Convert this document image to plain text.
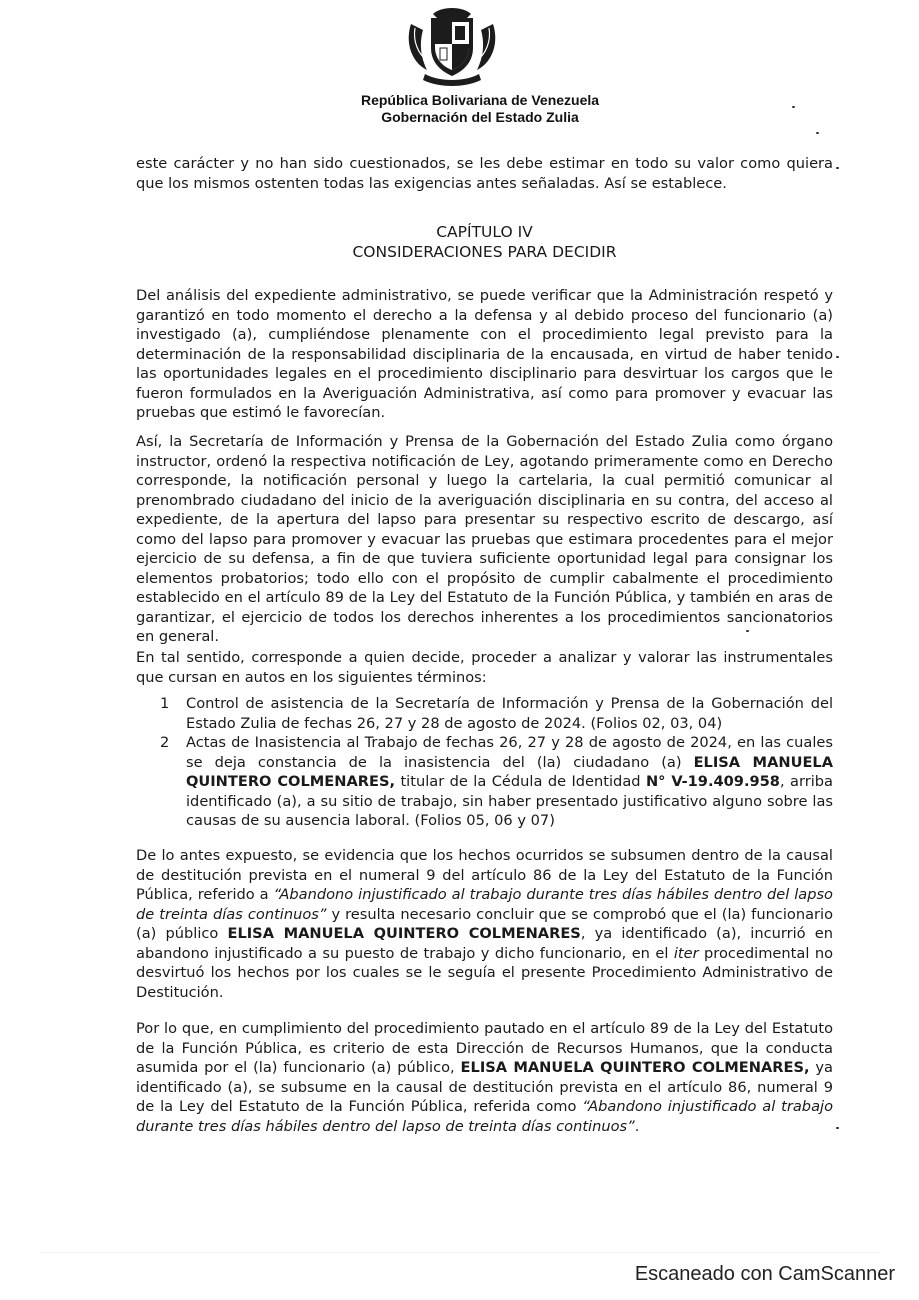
República Bolivariana de Venezuela
Gobernación del Estado Zulia

este carácter y no han sido cuestionados, se les debe estimar en todo su valor como quiera que los mismos ostenten todas las exigencias antes señaladas. Así se establece.

CAPÍTULO IV
CONSIDERACIONES PARA DECIDIR

Del análisis del expediente administrativo, se puede verificar que la Administración respetó y garantizó en todo momento el derecho a la defensa y al debido proceso del funcionario (a) investigado (a), cumpliéndose plenamente con el procedimiento legal previsto para la determinación de la responsabilidad disciplinaria de la encausada, en virtud de haber tenido las oportunidades legales en el procedimiento disciplinario para desvirtuar los cargos que le fueron formulados en la Averiguación Administrativa, así como para promover y evacuar las pruebas que estimó le favorecían.

Así, la Secretaría de Información y Prensa de la Gobernación del Estado Zulia como órgano instructor, ordenó la respectiva notificación de Ley, agotando primeramente como en Derecho corresponde, la notificación personal y luego la cartelaria, la cual permitió comunicar al prenombrado ciudadano del inicio de la averiguación disciplinaria en su contra, del acceso al expediente, de la apertura del lapso para presentar su respectivo escrito de descargo, así como del lapso para promover y evacuar las pruebas que estimara procedentes para el mejor ejercicio de su defensa, a fin de que tuviera suficiente oportunidad legal para consignar los elementos probatorios; todo ello con el propósito de cumplir cabalmente el procedimiento establecido en el artículo 89 de la Ley del Estatuto de la Función Pública, y también en aras de garantizar, el ejercicio de todos los derechos inherentes a los procedimientos sancionatorios en general.

En tal sentido, corresponde a quien decide, proceder a analizar y valorar las instrumentales que cursan en autos en los siguientes términos:

1	Control de asistencia de la Secretaría de Información y Prensa de la Gobernación del Estado Zulia de fechas 26, 27 y 28 de agosto de 2024. (Folios 02, 03, 04)
2	Actas de Inasistencia al Trabajo de fechas 26, 27 y 28 de agosto de 2024, en las cuales se deja constancia de la inasistencia del (la) ciudadano (a) ELISA MANUELA QUINTERO COLMENARES, titular de la Cédula de Identidad N° V-19.409.958, arriba identificado (a), a su sitio de trabajo, sin haber presentado justificativo alguno sobre las causas de su ausencia laboral. (Folios 05, 06 y 07)

De lo antes expuesto, se evidencia que los hechos ocurridos se subsumen dentro de la causal de destitución prevista en el numeral 9 del artículo 86 de la Ley del Estatuto de la Función Pública, referido a “Abandono injustificado al trabajo durante tres días hábiles dentro del lapso de treinta días continuos” y resulta necesario concluir que se comprobó que el (la) funcionario (a) público ELISA MANUELA QUINTERO COLMENARES, ya identificado (a), incurrió en abandono injustificado a su puesto de trabajo y dicho funcionario, en el iter procedimental no desvirtuó los hechos por los cuales se le seguía el presente Procedimiento Administrativo de Destitución.

Por lo que, en cumplimiento del procedimiento pautado en el artículo 89 de la Ley del Estatuto de la Función Pública, es criterio de esta Dirección de Recursos Humanos, que la conducta asumida por el (la) funcionario (a) público, ELISA MANUELA QUINTERO COLMENARES, ya identificado (a), se subsume en la causal de destitución prevista en el artículo 86, numeral 9 de la Ley del Estatuto de la Función Pública, referida como “Abandono injustificado al trabajo durante tres días hábiles dentro del lapso de treinta días continuos”.

Escaneado con CamScanner
